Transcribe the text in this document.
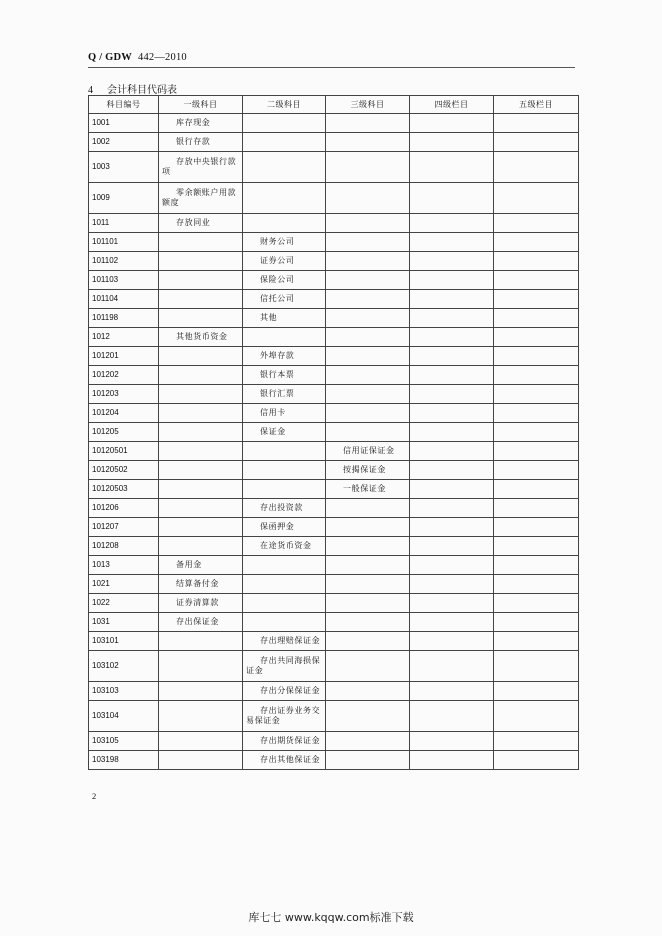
Q / GDW 442—2010
4 会计科目代码表
科目编号	一级科目	二级科目	三级科目	四级栏目	五级栏目
1001	库存现金				
1002	银行存款				
1003	存放中央银行款项				
1009	零余额账户用款额度				
1011	存放同业				
101101		财务公司			
101102		证券公司			
101103		保险公司			
101104		信托公司			
101198		其他			
1012	其他货币资金				
101201		外埠存款			
101202		银行本票			
101203		银行汇票			
101204		信用卡			
101205		保证金			
10120501			信用证保证金		
10120502			按揭保证金		
10120503			一般保证金		
101206		存出投资款			
101207		保函押金			
101208		在途货币资金			
1013	备用金				
1021	结算备付金				
1022	证券清算款				
1031	存出保证金				
103101		存出理赔保证金			
103102		存出共同海损保证金			
103103		存出分保保证金			
103104		存出证券业务交易保证金			
103105		存出期货保证金			
103198		存出其他保证金			
2
库七七 www.kqqw.com标准下载
